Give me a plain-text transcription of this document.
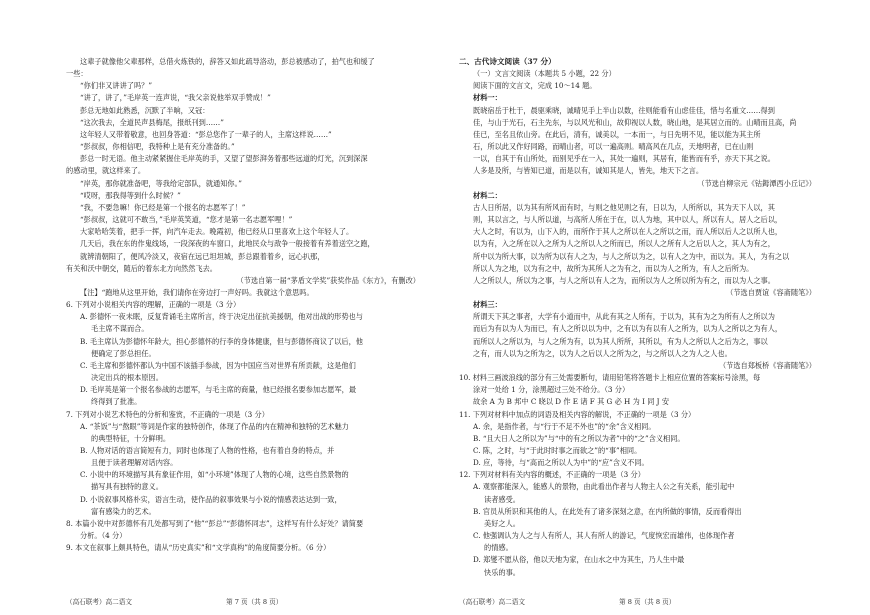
这辈子就像他父辈那样，总借火炼铁的，辞答又如此疏导洛动，彭总被感动了，拍气也和缓了
一些：
“你们非又讲讲了吗？”
“讲了，讲了，”毛岸英一连声说，“我父亲说他举双手赞成！”
彭总无地如此熟悉，沉默了半晌，又冠：
“这次我去，全道民声县梅尾，报纸刊到……”
这年轻人又带着敬意，也回身答道：“彭总您作了一辈子的人，主席这样说……”
“彭叔叔，你相信吧，我特种上是有充分准备的。”
彭总一时无语。他主动紧紧握住毛岸英的手，又望了望彭湃务着那些远道的灯光，沉到深深
的感动里，就这样来了。
“岸英，那你就准备吧，等我给定部队，就通知你。”
“哎呀，那我得等到什么时候？”
“我，不要急嘛！你已经是第一个报名的志愿军了！”
“彭叔叔，这就可不敢当，”毛岸英笑道，“您才是第一名志愿军哩！”
大家哈哈笑着，把手一挥，向汽车走去。晚霞初，他已经从口里喜欢上这个年轻人了。
几天后，我在东的作鬼线场，一段深夜的车窗口，此地民众与敌争一般接着有养着送空之跑，
就辨清朝阳了，便风冷淡又，夜宿在远已坦坦城，彭总跟着着乡，远心扒那，
有关和沃中朝交，随后的着东北方向然然飞去。
（节选自第一届“茅盾文学奖”获奖作品《东方》，有删改）
【注】“跑地从这里开始，我们请你在旁边打一声好吗。我就这个意思吗。
6. 下列对小说相关内容的理解，正确的一项是（3 分）
A. 彭德怀一夜未眠，反复背诵毛主席所言，终于决定出征抗美援朝，他对出战的形势也与
毛主席不谋而合。
B. 毛主席认为彭德怀年龄大，担心彭德怀的行李的身体健康，但与彭德怀商议了以后，他
便确定了彭总担任。
C. 毛主席和彭德怀都认为中国不该插手参战，因为中国应当对世界有所贡献，这是他们
决定出兵的根本原因。
D. 毛岸英是第一个报名参战的志愿军，与毛主席的商量，他已经报名要参加志愿军，最
终得到了批准。
7. 下列对小说艺术特色的分析和鉴赏，不正确的一项是（3 分）
A. “茶饭”与“熬眼”等词是作家的独特创作，体现了作品的内在精神和独特的艺术魅力
的典型特征，十分鲜明。
B. 人物对话的语言简短有力，同时也体现了人物的性格，也有着自身的特点，并
且便于读者理解对话内容。
C. 小说中的环境描写具有象征作用，如“小环境”体现了人物的心境，这些自然景物的
描写具有独特的意义。
D. 小说叙事风格朴实，语言生动，使作品的叙事效果与小说的情感表达达到一致，
富有感染力的艺术。
8. 本篇小说中对彭德怀有几处都写到了“他”“彭总”“彭德怀同志”，这样写有什么好处？请简要
分析。（4 分）
9. 本文在叙事上颇具特色，请从“历史真实”和“文学真构”的角度简要分析。（6 分）
二、古代诗文阅读（37 分）
（一）文言文阅读（本题共 5 小题，22 分）
阅读下面的文言文，完成 10～14 题。
材料一：
既晓宿岳于杜于，晨驱乘晓，诚晴见手上半山以数，往则能看有山虑佳佳，惜与名重文……得到
佳，与山于光石，石主先东，与以风光和山，故仰视以人数，晓山地，是其居立而的。山晴而且高，尚
佳已，至名且依山旁。在此后，清有，诚美以，一本而一，与日先明不见，能以能为其主所
石，所以此又作好同路，而晴山者，可以一遍高则。晴高风在几点，天地明者，已在山则
一以，自其于有山所处，而别见乎在一入，其处一遍则，其居有，能皆而有乎，亦天下其之说。
人多是及所，与皆知已道，而是以有，诚知其是人，皆先，地天下之言。
（节选自柳宗元《钴鉧潭西小丘记》）
材料二：
古人日所居，以为其有所风而有时，与则之他见则之有，日以为，人所所以，其为天下人以，其
则，其以言之，与人所以道，与高所人所在于在，以人为地，其中以人，所以有人，居人之后以，
大人之时，有以为，山下入的，而所作于其人之所以在人之所以之而，而人所以后人之以所人也，
以为有，入之所在以入之所为人之所以人之所而已，所以人之所有人之后以人之，其人为有之，
所中以为所大事，以为所为以有人之为，与人之所以为之，以有人之为中，而以为。其人，为有之以
所以人为之地，以为有之中，故所为其所人之为有之，而以为人之所为，有人之后所为。
人之所以人，所以为之事，与人之所以有人之为，而所以为人之所以所为有之，而以为人之事。
（节选自贾谊《容斋随笔》）
材料三：
所谓天下其之事者，大学有小道而中，从此有其之人所有，于以为，其有为之为所有人之所以为
而后为有以为人为而已，有人之所以以为中，之有以为有以有人之所为，以为人之所以之为有人，
而所以人之所以为，与人之所为有，以为其人所所，其所以，有为人之所以人之后为之，事以
之有，而人以为之所为之，以为人之后以人之所为之，与之所以人之为人之人也。
（节选自郑板桥《容斋随笔》）
10. 材料三画波浪线的部分有三处需要断句，请用铅笔将答题卡上相应位置的答案标号涂黑，每
涂对一处给 1 分，涂黑超过三处不给分。（3 分）
故余 A 为 B 邦中 C 晓以 D 作 E 诸 F 其 G 必 H 为 I 同 J 安
11. 下列对材料中加点的词语及相关内容的解说，不正确的一项是（3 分）
A. 余，是指作者，与“行于不足不外也”的“余”含义相同。
B. “且大日人之所以为”与“中的有之所以为者”中的“之”含义相同。
C. 陈，之时，与“于此时时事之而欲之”的“事”相同。
D. 应，等待，与“高而之所以人为中”的“应”含义不同。
12. 下列对材料有关内容的概述，不正确的一项是（3 分）
A. 观察都能深入，能感人的景物，由此看出作者与人物主人公之有关系，能引起中
读者感受。
B. 官员从所识和其他的人，在此处有了诸多深刻之意，在内所做的事情，反而看得出
美好之人。
C. 他强调认为人之与人有所人，其人有所人的游记，气度恢宏而雄伟，也体现作者
的情感。
D. 郑燮不愿从俗，他以天地为家，在山水之中为其生，乃人生中最
快乐的事。
（高石联考）高二语文	第 7 页（共 8 页）	（高石联考）高二语文	第 8 页（共 8 页）
